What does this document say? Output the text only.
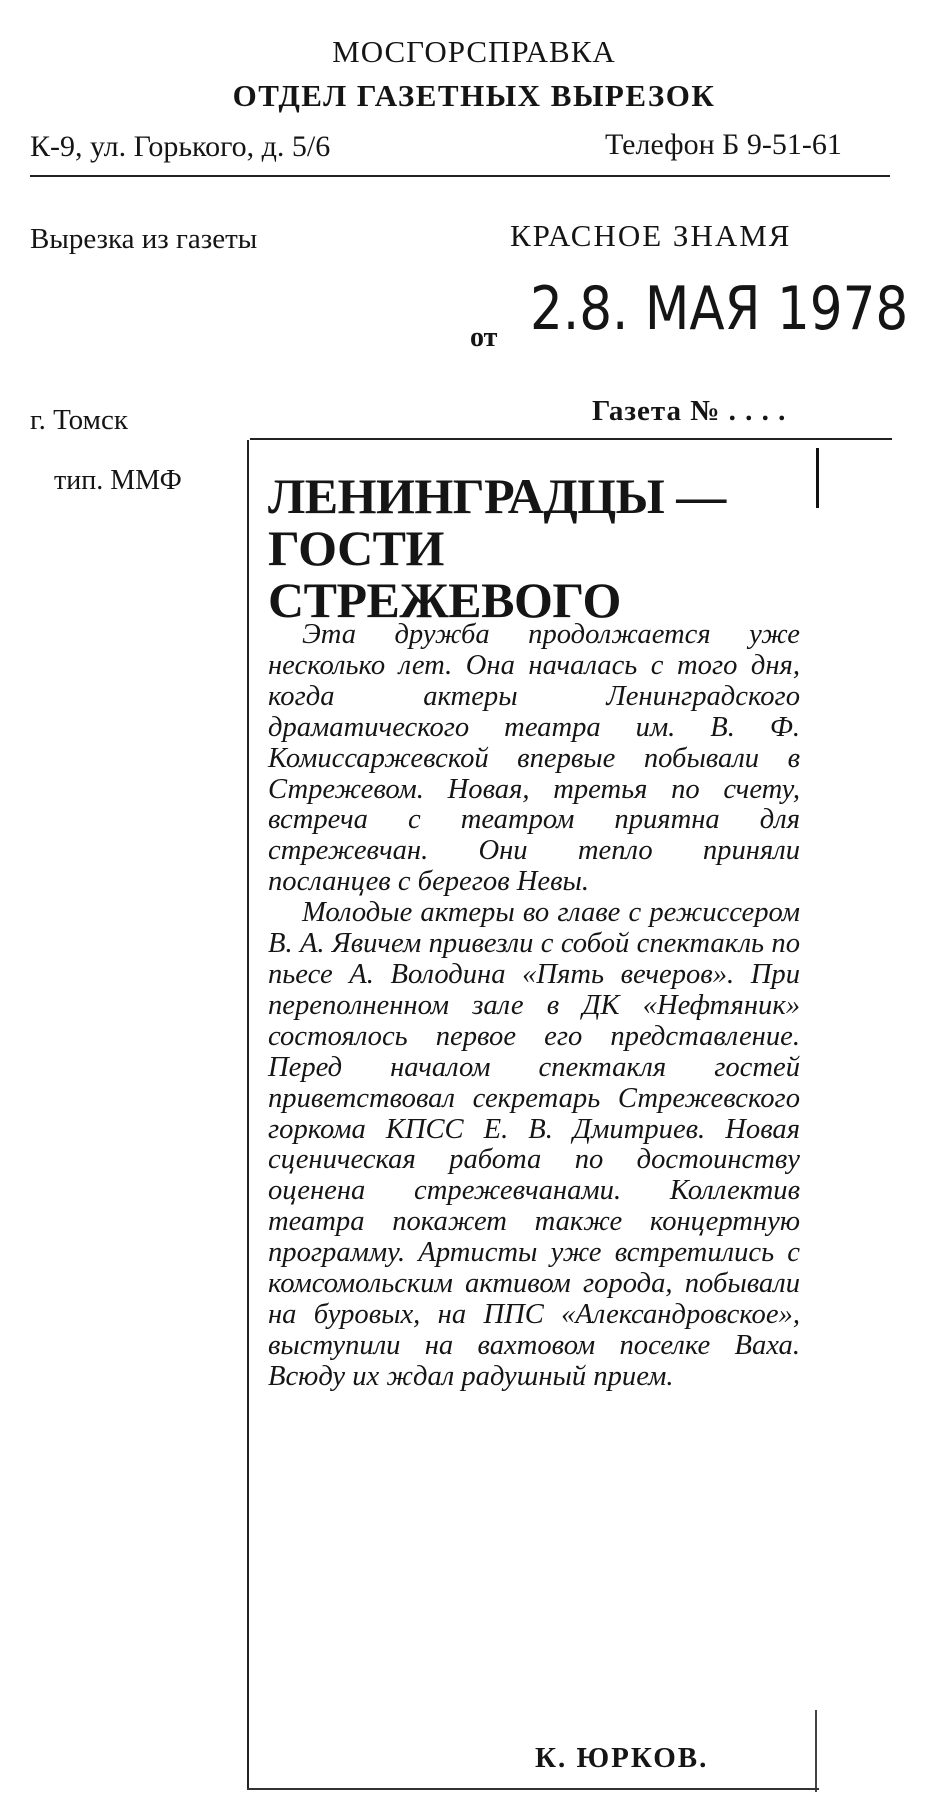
МОСГОРСПРАВКА
ОТДЕЛ ГАЗЕТНЫХ ВЫРЕЗОК
К-9, ул. Горького, д. 5/6	Телефон Б 9-51-61
Вырезка из газеты	КРАСНОЕ ЗНАМЯ
от 2.8. МАЯ 1978
г. Томск	Газета № . . . .
тип. ММФ ЛЕНИНГРАДЦЫ —
ГОСТИ
СТРЕЖЕВОГО

Эта дружба продолжается уже несколько лет. Она началась с того дня, когда актеры Ленинградского драматического театра им. В. Ф. Комиссаржевской впервые побывали в Стрежевом. Новая, третья по счету, встреча с театром приятна для стрежевчан. Они тепло приняли посланцев с берегов Невы.

Молодые актеры во главе с режиссером В. А. Явичем привезли с собой спектакль по пьесе А. Володина «Пять вечеров». При переполненном зале в ДК «Нефтяник» состоялось первое его представление. Перед началом спектакля гостей приветствовал секретарь Стрежевского горкома КПСС Е. В. Дмитриев. Новая сценическая работа по достоинству оценена стрежевчанами. Коллектив театра покажет также концертную программу. Артисты уже встретились с комсомольским активом города, побывали на буровых, на ППС «Александровское», выступили на вахтовом поселке Ваха. Всюду их ждал радушный прием.

К. ЮРКОВ.
